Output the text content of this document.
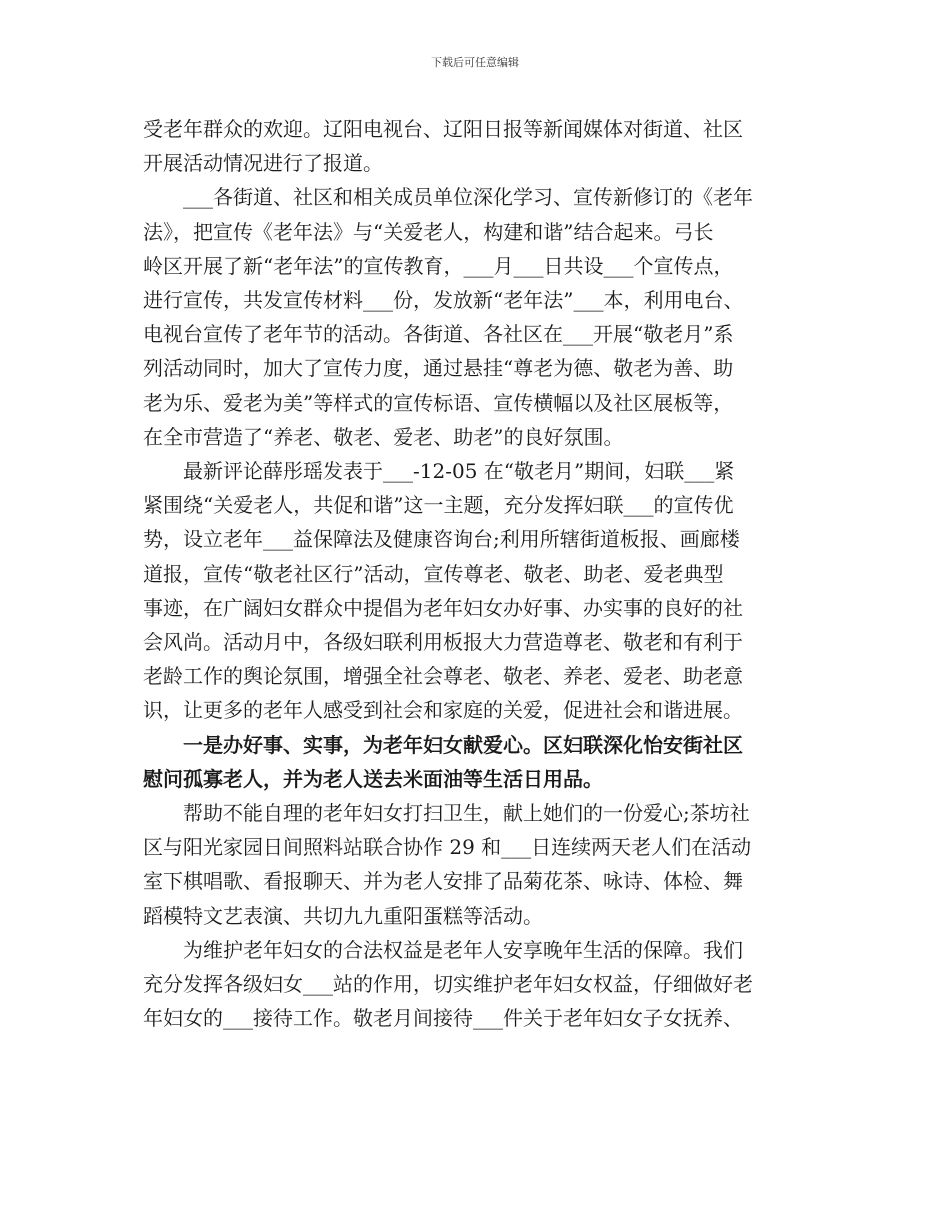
下载后可任意编辑
受老年群众的欢迎。辽阳电视台、辽阳日报等新闻媒体对街道、社区
开展活动情况进行了报道。
___各街道、社区和相关成员单位深化学习、宣传新修订的《老年
法》，把宣传《老年法》与“关爱老人，构建和谐”结合起来。弓长
岭区开展了新“老年法”的宣传教育，___月___日共设___个宣传点，
进行宣传，共发宣传材料___份，发放新“老年法”___本，利用电台、
电视台宣传了老年节的活动。各街道、各社区在___开展“敬老月”系
列活动同时，加大了宣传力度，通过悬挂“尊老为德、敬老为善、助
老为乐、爱老为美”等样式的宣传标语、宣传横幅以及社区展板等，
在全市营造了“养老、敬老、爱老、助老”的良好氛围。
最新评论薛彤瑶发表于___-12-05 在“敬老月”期间，妇联___紧
紧围绕“关爱老人，共促和谐”这一主题，充分发挥妇联___的宣传优
势，设立老年___益保障法及健康咨询台;利用所辖街道板报、画廊楼
道报，宣传“敬老社区行”活动，宣传尊老、敬老、助老、爱老典型
事迹，在广阔妇女群众中提倡为老年妇女办好事、办实事的良好的社
会风尚。活动月中，各级妇联利用板报大力营造尊老、敬老和有利于
老龄工作的舆论氛围，增强全社会尊老、敬老、养老、爱老、助老意
识，让更多的老年人感受到社会和家庭的关爱，促进社会和谐进展。
一是办好事、实事，为老年妇女献爱心。区妇联深化怡安街社区
慰问孤寡老人，并为老人送去米面油等生活日用品。
帮助不能自理的老年妇女打扫卫生，献上她们的一份爱心;茶坊社
区与阳光家园日间照料站联合协作 29 和___日连续两天老人们在活动
室下棋唱歌、看报聊天、并为老人安排了品菊花茶、咏诗、体检、舞
蹈模特文艺表演、共切九九重阳蛋糕等活动。
为维护老年妇女的合法权益是老年人安享晚年生活的保障。我们
充分发挥各级妇女___站的作用，切实维护老年妇女权益，仔细做好老
年妇女的___接待工作。敬老月间接待___件关于老年妇女子女抚养、
